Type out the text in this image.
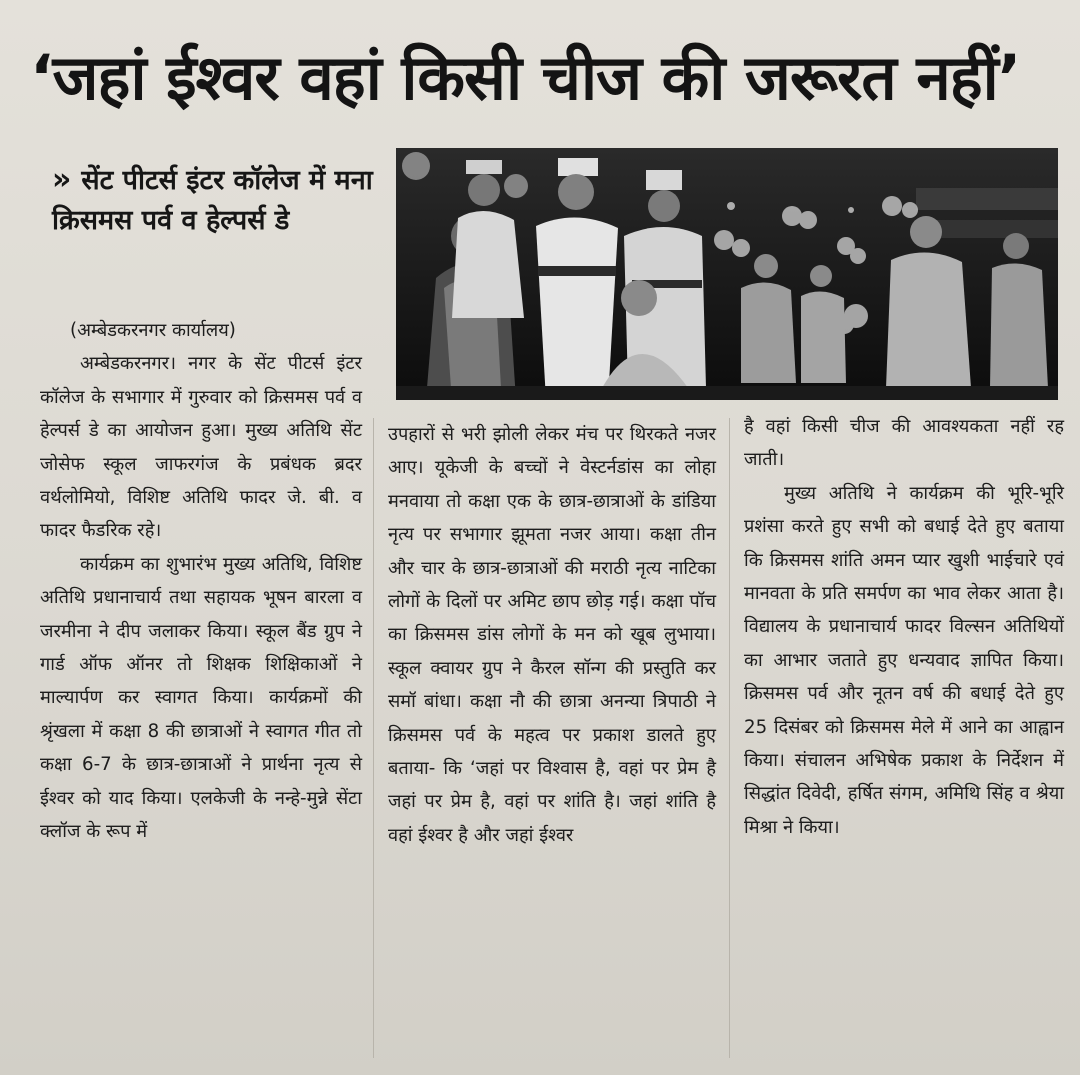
‘जहां ईश्वर वहां किसी चीज की जरूरत नहीं’
» सेंट पीटर्स इंटर कॉलेज में मना क्रिसमस पर्व व हेल्पर्स डे

(अम्बेडकरनगर कार्यालय)

अम्बेडकरनगर। नगर के सेंट पीटर्स इंटर कॉलेज के सभागार में गुरुवार को क्रिसमस पर्व व हेल्पर्स डे का आयोजन हुआ। मुख्य अतिथि सेंट जोसेफ स्कूल जाफरगंज के प्रबंधक ब्रदर वर्थलोमियो, विशिष्ट अतिथि फादर जे. बी. व फादर फैडरिक रहे।

कार्यक्रम का शुभारंभ मुख्य अतिथि, विशिष्ट अतिथि प्रधानाचार्य तथा सहायक भूषन बारला व जरमीना ने दीप जलाकर किया। स्कूल बैंड ग्रुप ने गार्ड ऑफ ऑनर तो शिक्षक शिक्षिकाओं ने माल्यार्पण कर स्वागत किया। कार्यक्रमों की श्रृंखला में कक्षा 8 की छात्राओं ने स्वागत गीत तो कक्षा 6-7 के छात्र-छात्राओं ने प्रार्थना नृत्य से ईश्वर को याद किया। एलकेजी के नन्हे-मुन्ने सेंटा क्लॉज के रूप में

उपहारों से भरी झोली लेकर मंच पर थिरकते नजर आए। यूकेजी के बच्चों ने वेस्टर्नडांस का लोहा मनवाया तो कक्षा एक के छात्र-छात्राओं के डांडिया नृत्य पर सभागार झूमता नजर आया। कक्षा तीन और चार के छात्र-छात्राओं की मराठी नृत्य नाटिका लोगों के दिलों पर अमिट छाप छोड़ गई। कक्षा पॉच का क्रिसमस डांस लोगों के मन को खूब लुभाया। स्कूल क्वायर ग्रुप ने कैरल सॉन्ग की प्रस्तुति कर समॉ बांधा। कक्षा नौ की छात्रा अनन्या त्रिपाठी ने क्रिसमस पर्व के महत्व पर प्रकाश डालते हुए बताया- कि ‘जहां पर विश्वास है, वहां पर प्रेम है जहां पर प्रेम है, वहां पर शांति है। जहां शांति है वहां ईश्वर है और जहां ईश्वर

है वहां किसी चीज की आवश्यकता नहीं रह जाती।

मुख्य अतिथि ने कार्यक्रम की भूरि-भूरि प्रशंसा करते हुए सभी को बधाई देते हुए बताया कि क्रिसमस शांति अमन प्यार खुशी भाईचारे एवं मानवता के प्रति समर्पण का भाव लेकर आता है। विद्यालय के प्रधानाचार्य फादर विल्सन अतिथियों का आभार जताते हुए धन्यवाद ज्ञापित किया। क्रिसमस पर्व और नूतन वर्ष की बधाई देते हुए 25 दिसंबर को क्रिसमस मेले में आने का आह्वान किया। संचालन अभिषेक प्रकाश के निर्देशन में सिद्धांत दिवेदी, हर्षित संगम, अमिथि सिंह व श्रेया मिश्रा ने किया।
